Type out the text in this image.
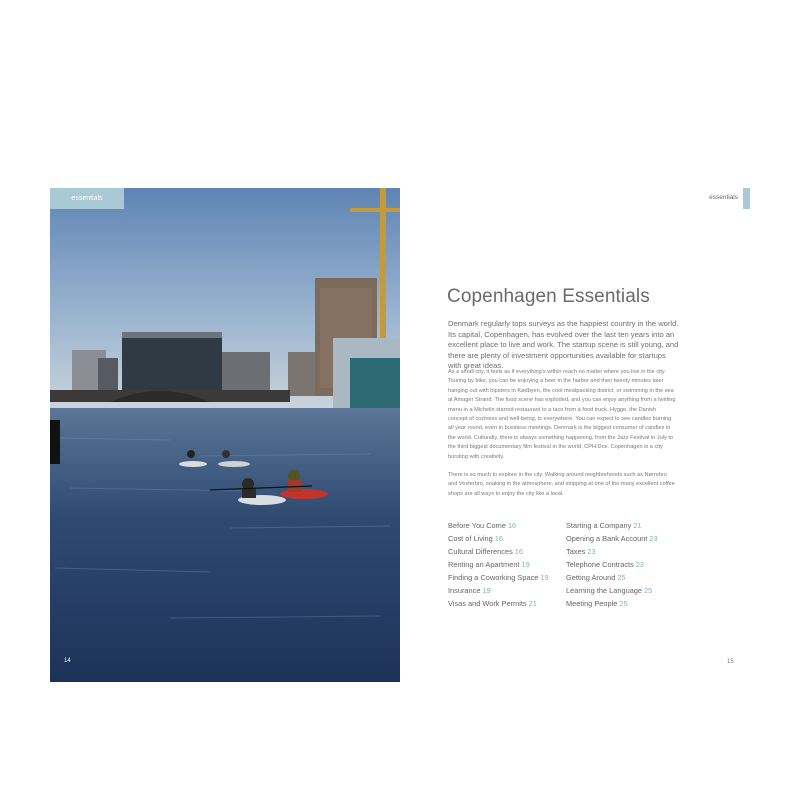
essentials
14
essentials
Copenhagen Essentials

Denmark regularly tops surveys as the happiest country in the world. Its capital, Copenhagen, has evolved over the last ten years into an excellent place to live and work. The startup scene is still young, and there are plenty of investment opportunities available for startups with great ideas.

As a small city, it feels as if everything's within reach no matter where you live in the city. Touring by bike, you can be enjoying a beer in the harbor and then twenty minutes later hanging out with hipsters in Kødbyen, the cool meatpacking district, or swimming in the sea at Amager Strand. The food scene has exploded, and you can enjoy anything from a twirling menu in a Michelin starred restaurant to a taco from a food truck. Hygge, the Danish concept of coziness and well-being, is everywhere. You can expect to see candles burning all year round, even in business meetings. Denmark is the biggest consumer of candles in the world. Culturally, there is always something happening, from the Jazz Festival in July to the third biggest documentary film festival in the world, CPH:Dox. Copenhagen is a city bursting with creativity.

There is so much to explore in the city. Walking around neighborhoods such as Nørrebro and Vesterbro, soaking in the atmosphere, and stopping at one of the many excellent coffee shops are all ways to enjoy the city like a local.

Before You Come 16
Cost of Living 16
Cultural Differences 16
Renting an Apartment 19
Finding a Coworking Space 19
Insurance 19
Visas and Work Permits 21
Starting a Company 21
Opening a Bank Account 23
Taxes 23
Telephone Contracts 23
Getting Around 25
Learning the Language 25
Meeting People 25
15
